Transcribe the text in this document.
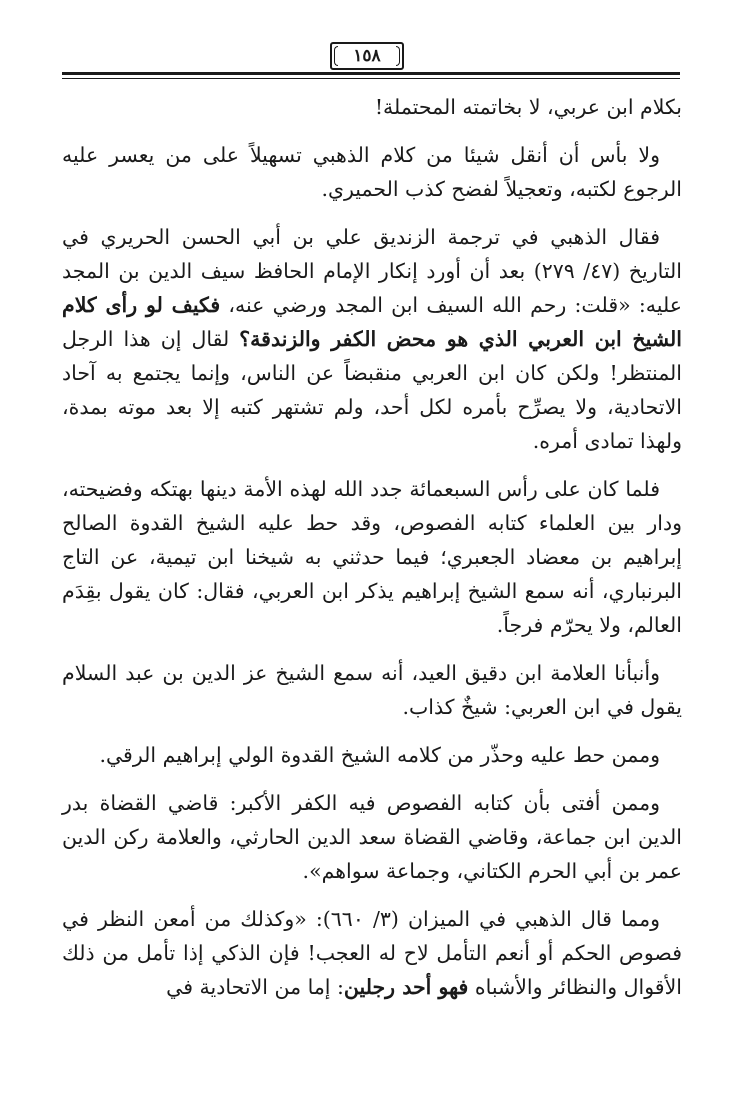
١٥٨

بكلام ابن عربي، لا بخاتمته المحتملة!

ولا بأس أن أنقل شيئا من كلام الذهبي تسهيلاً على من يعسر عليه الرجوع لكتبه، وتعجيلاً لفضح كذب الحميري.

فقال الذهبي في ترجمة الزنديق علي بن أبي الحسن الحريري في التاريخ (٤٧/ ٢٧٩) بعد أن أورد إنكار الإمام الحافظ سيف الدين بن المجد عليه: «قلت: رحم الله السيف ابن المجد ورضي عنه، فكيف لو رأى كلام الشيخ ابن العربي الذي هو محض الكفر والزندقة؟ لقال إن هذا الرجل المنتظر! ولكن كان ابن العربي منقبضاً عن الناس، وإنما يجتمع به آحاد الاتحادية، ولا يصرِّح بأمره لكل أحد، ولم تشتهر كتبه إلا بعد موته بمدة، ولهذا تمادى أمره.

فلما كان على رأس السبعمائة جدد الله لهذه الأمة دينها بهتكه وفضيحته، ودار بين العلماء كتابه الفصوص، وقد حط عليه الشيخ القدوة الصالح إبراهيم بن معضاد الجعبري؛ فيما حدثني به شيخنا ابن تيمية، عن التاج البرنباري، أنه سمع الشيخ إبراهيم يذكر ابن العربي، فقال: كان يقول بقِدَم العالم، ولا يحرّم فرجاً.

وأنبأنا العلامة ابن دقيق العيد، أنه سمع الشيخ عز الدين بن عبد السلام يقول في ابن العربي: شيخٌ كذاب.

وممن حط عليه وحذّر من كلامه الشيخ القدوة الولي إبراهيم الرقي.

وممن أفتى بأن كتابه الفصوص فيه الكفر الأكبر: قاضي القضاة بدر الدين ابن جماعة، وقاضي القضاة سعد الدين الحارثي، والعلامة ركن الدين عمر بن أبي الحرم الكتاني، وجماعة سواهم».

ومما قال الذهبي في الميزان (٣/ ٦٦٠): «وكذلك من أمعن النظر في فصوص الحكم أو أنعم التأمل لاح له العجب! فإن الذكي إذا تأمل من ذلك الأقوال والنظائر والأشباه فهو أحد رجلين: إما من الاتحادية في
